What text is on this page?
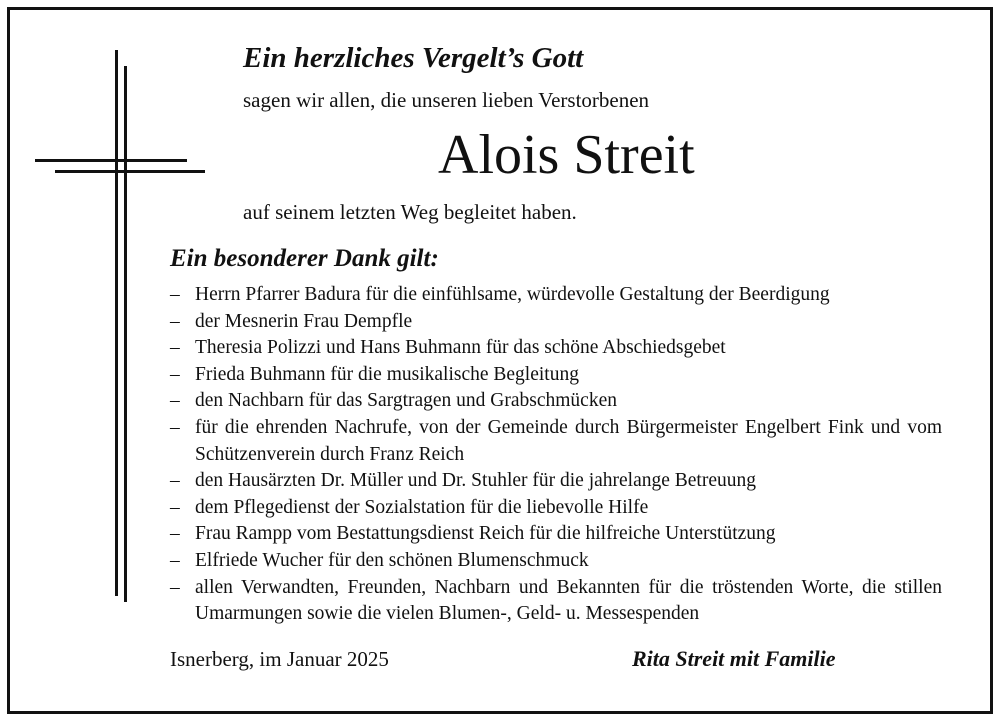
Ein herzliches Vergelt’s Gott
sagen wir allen, die unseren lieben Verstorbenen
Alois Streit
auf seinem letzten Weg begleitet haben.
Ein besonderer Dank gilt:
– Herrn Pfarrer Badura für die einfühlsame, würdevolle Gestaltung der Beerdigung
– der Mesnerin Frau Dempfle
– Theresia Polizzi und Hans Buhmann für das schöne Abschiedsgebet
– Frieda Buhmann für die musikalische Begleitung
– den Nachbarn für das Sargtragen und Grabschmücken
– für die ehrenden Nachrufe, von der Gemeinde durch Bürgermeister Engelbert Fink und vom Schützenverein durch Franz Reich
– den Hausärzten Dr. Müller und Dr. Stuhler für die jahrelange Betreuung
– dem Pflegedienst der Sozialstation für die liebevolle Hilfe
– Frau Rampp vom Bestattungsdienst Reich für die hilfreiche Unterstützung
– Elfriede Wucher für den schönen Blumenschmuck
– allen Verwandten, Freunden, Nachbarn und Bekannten für die tröstenden Worte, die stillen Umarmungen sowie die vielen Blumen-, Geld- u. Messespenden
Isnerberg, im Januar 2025	Rita Streit mit Familie
